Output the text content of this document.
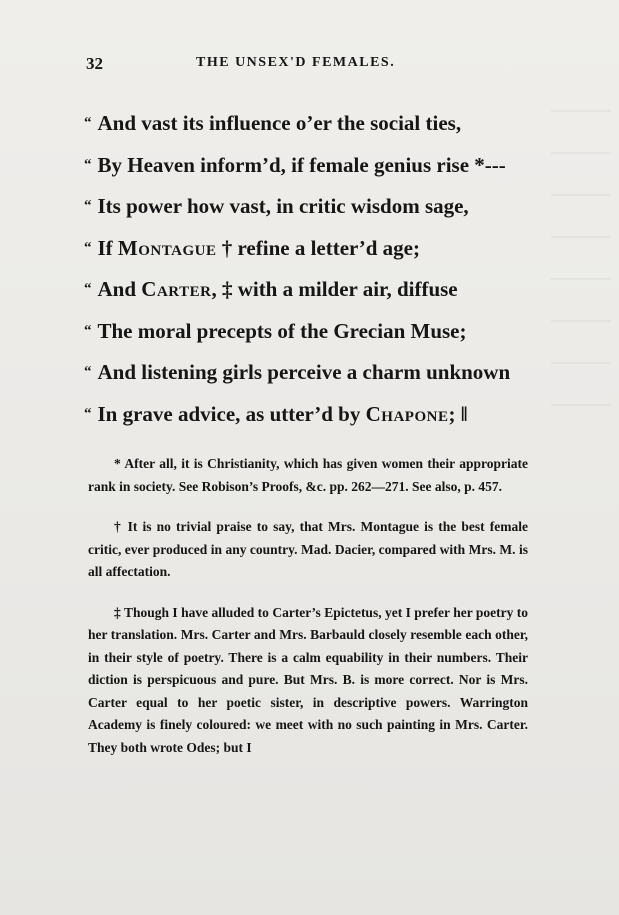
32	THE UNSEX'D FEMALES.
“ And vast its influence o’er the social ties,
“ By Heaven inform’d, if female genius rise *---
“ Its power how vast, in critic wisdom sage,
“ If Montague † refine a letter’d age;
“ And Carter, ‡ with a milder air, diffuse
“ The moral precepts of the Grecian Muse;
“ And listening girls perceive a charm unknown
“ In grave advice, as utter’d by Chapone; ‖

* After all, it is Christianity, which has given women their appropriate rank in society. See Robison’s Proofs, &c. pp. 262—271. See also, p. 457.

† It is no trivial praise to say, that Mrs. Montague is the best female critic, ever produced in any country. Mad. Dacier, compared with Mrs. M. is all affectation.

‡ Though I have alluded to Carter’s Epictetus, yet I prefer her poetry to her translation. Mrs. Carter and Mrs. Barbauld closely resemble each other, in their style of poetry. There is a calm equability in their numbers. Their diction is perspicuous and pure. But Mrs. B. is more correct. Nor is Mrs. Carter equal to her poetic sister, in descriptive powers. Warrington Academy is finely coloured: we meet with no such painting in Mrs. Carter. They both wrote Odes; but I
